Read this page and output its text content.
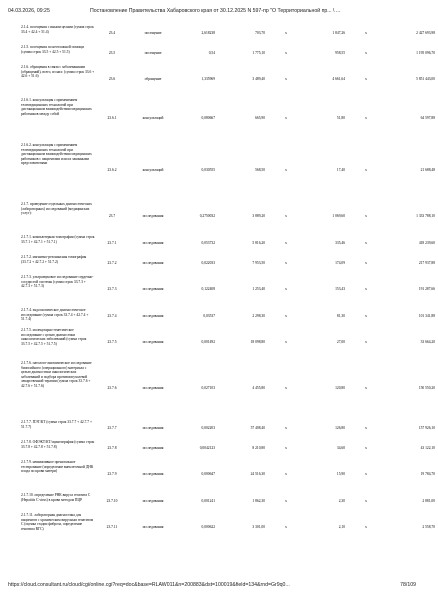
04.03.2026, 09:25	Постановление Правительства Хабаровского края от 30.12.2025 N 597-пр "О Территориальной пр... \ ...
2.1.4. посещения с иными целями (сумма строк 33.4 + 42.4 + 51.4)	23.4	посещение	2,618238	703,70	x	1 847,26	x	2 427 693,98
2.1.5. посещения по неотложной помощи (сумма строк 33.5 + 42.5 + 51.5)	23.5	посещение	0,54	1 775,10	x	958,55	x	1 195 096,70
2.1.6. обращения в связи с заболеваниями (обращений), всего, из них: (сумма строк 33.6 + 42.6 + 51.6)	23.6	обращение	1,335969	3 489,40	x	4 661,64	x	5 851 443,00
2.1.6.1. консультация с применением телемедицинских технологий при дистанционном взаимодействии медицинских работников между собой	23.6.1	консультаций	0,080667	665,90	x	51,80	x	64 597,88
2.1.6.2. консультация с применением телемедицинских технологий при дистанционном взаимодействии медицинских работников с пациентами или их законными представителями	23.6.2	консультаций	0,030555	568,50	x	17,40	x	21 688,48
2.1.7. проведение отдельных диагностических (лабораторных) исследований (медицинских услуг):	23.7	исследования	0,2750032	3 889,20	x	1 069,60	x	1 333 788,10
2.1.7.1. компьютерная томография (сумма строк 33.7.1 + 42.7.1 + 51.7.1)	23.7.1	исследования	0,053732	5 816,20	x	335,46	x	418 239,60
2.1.7.2. магнитно-резонансная томография (33.7.2 + 42.7.2 + 51.7.2)	23.7.2	исследования	0,022033	7 953,50	x	174,09	x	217 937,88
2.1.7.3. ультразвуковое исследование сердечно-сосудистой системы (сумма строк 33.7.3 + 42.7.3 + 51.7.3)	23.7.3	исследования	0,122408	1 253,40	x	153,43	x	191 287,66
2.1.7.4. эндоскопическое диагностическое исследование (сумма строк 33.7.4 + 42.7.4 + 51.7.4)	23.7.4	исследования	0,03537	2 298,30	x	81,30	x	101 341,88
2.1.7.5. молекулярно-генетическое исследование с целью диагностики онкологических заболеваний (сумма строк 33.7.5 + 42.7.5 + 51.7.5)	23.7.5	исследования	0,001492	18 098,80	x	27,00	x	33 664,20
2.1.7.6. патолого-анатомическое исследование биопсийного (операционного) материала с целью диагностики онкологических заболеваний и подбора противоопухолевой лекарственной терапии (сумма строк 33.7.6 + 42.7.6 + 51.7.6)	23.7.6	исследования	0,027103	4 455,80	x	120,80	x	150 550,20
2.1.7.7. ПЭТ/КТ (сумма строк 33.7.7 + 42.7.7 + 51.7.7)	23.7.7	исследования	0,002203	57 408,40	x	126,80	x	157 926,10
2.1.7.8. ОФЭКТ/КТ/сцинтиграфия (сумма строк 33.7.8 + 42.7.8 + 51.7.8)	23.7.8	исследования	0,0042123	8 210,80	x	34,60	x	43 122,10
2.1.7.9. неинвазивное пренатальное тестирование (определение внеклеточной ДНК плода по крови матери)	23.7.9	исследования	0,000647	24 516,30	x	15,90	x	19 784,70
2.1.7.10. определение РНК вируса гепатита С (Hepatitis C virus) в крови методом ПЦР	23.7.10	исследования	0,001241	1 862,30	x	2,30	x	2 881,00
2.1.7.11. лабораторная диагностика для пациентов с хроническим вирусным гепатитом С (оценка стадии фиброза, определение генотипа ВГС)	23.7.11	исследования	0,000622	3 301,00	x	2,10	x	2 558,70
https://cloud.consultant.ru/cloud/cgi/online.cgi?req=doc&base=RLAW011&n=200883&dst=100019&field=134&rnd=Gr9q0...	78/109
